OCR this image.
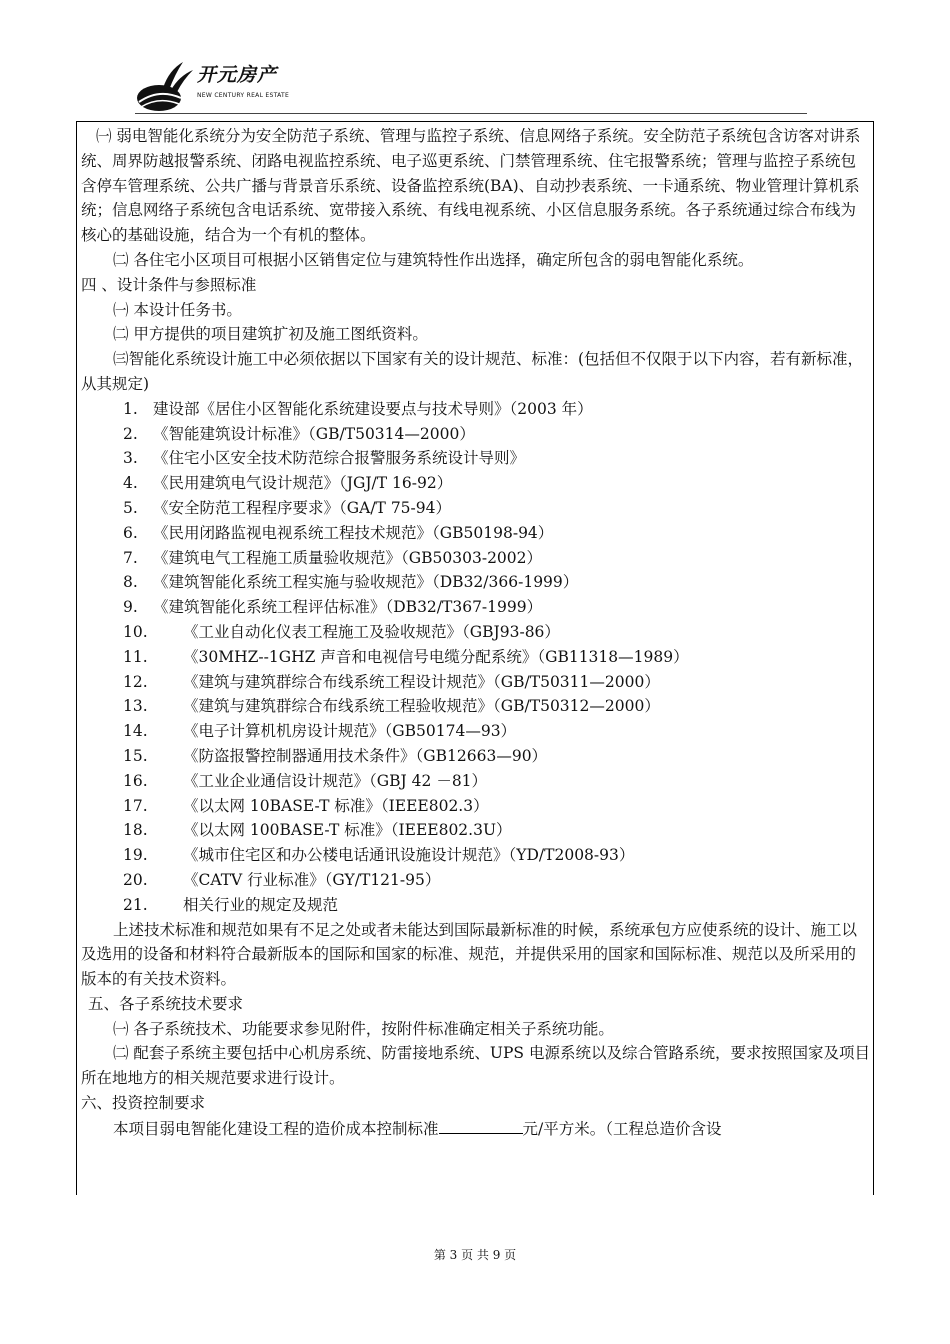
开元房产
NEW CENTURY REAL ESTATE

㈠ 弱电智能化系统分为安全防范子系统、管理与监控子系统、信息网络子系统。安全防范子系统包含访客对讲系统、周界防越报警系统、闭路电视监控系统、电子巡更系统、门禁管理系统、住宅报警系统；管理与监控子系统包含停车管理系统、公共广播与背景音乐系统、设备监控系统(BA)、自动抄表系统、一卡通系统、物业管理计算机系统；信息网络子系统包含电话系统、宽带接入系统、有线电视系统、小区信息服务系统。各子系统通过综合布线为核心的基础设施，结合为一个有机的整体。

㈡ 各住宅小区项目可根据小区销售定位与建筑特性作出选择，确定所包含的弱电智能化系统。

四 、设计条件与参照标准

㈠ 本设计任务书。

㈡ 甲方提供的项目建筑扩初及施工图纸资料。

㈢智能化系统设计施工中必须依据以下国家有关的设计规范、标准：(包括但不仅限于以下内容，若有新标准，从其规定)

1. 建设部《居住小区智能化系统建设要点与技术导则》（2003 年）
2. 《智能建筑设计标准》（GB/T50314—2000）
3. 《住宅小区安全技术防范综合报警服务系统设计导则》
4. 《民用建筑电气设计规范》（JGJ/T 16-92）
5. 《安全防范工程程序要求》（GA/T 75-94）
6. 《民用闭路监视电视系统工程技术规范》（GB50198-94）
7. 《建筑电气工程施工质量验收规范》（GB50303-2002）
8. 《建筑智能化系统工程实施与验收规范》（DB32/366-1999）
9. 《建筑智能化系统工程评估标准》（DB32/T367-1999）
10. 《工业自动化仪表工程施工及验收规范》（GBJ93-86）
11. 《30MHZ--1GHZ 声音和电视信号电缆分配系统》（GB11318—1989）
12. 《建筑与建筑群综合布线系统工程设计规范》（GB/T50311—2000）
13. 《建筑与建筑群综合布线系统工程验收规范》（GB/T50312—2000）
14. 《电子计算机机房设计规范》（GB50174—93）
15. 《防盗报警控制器通用技术条件》（GB12663—90）
16. 《工业企业通信设计规范》（GBJ 42 －81）
17. 《以太网 10BASE-T 标准》（IEEE802.3）
18. 《以太网 100BASE-T 标准》（IEEE802.3U）
19. 《城市住宅区和办公楼电话通讯设施设计规范》（YD/T2008-93）
20. 《CATV 行业标准》（GY/T121-95）
21. 相关行业的规定及规范

上述技术标准和规范如果有不足之处或者未能达到国际最新标准的时候，系统承包方应使系统的设计、施工以及选用的设备和材料符合最新版本的国际和国家的标准、规范，并提供采用的国家和国际标准、规范以及所采用的版本的有关技术资料。

五、各子系统技术要求

㈠ 各子系统技术、功能要求参见附件，按附件标准确定相关子系统功能。

㈡ 配套子系统主要包括中心机房系统、防雷接地系统、UPS 电源系统以及综合管路系统，要求按照国家及项目所在地地方的相关规范要求进行设计。

六、投资控制要求

本项目弱电智能化建设工程的造价成本控制标准	元/平方米。（工程总造价含设

第 3 页 共 9 页
